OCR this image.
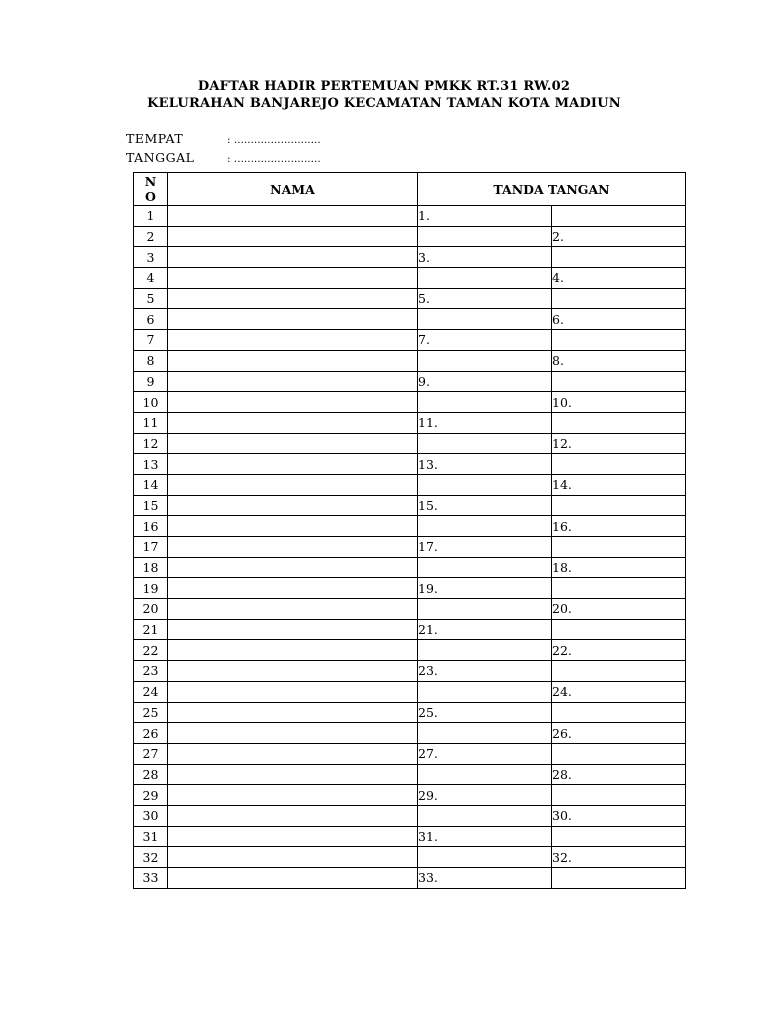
DAFTAR HADIR PERTEMUAN PMKK RT.31 RW.02
KELURAHAN BANJAREJO KECAMATAN TAMAN KOTA MADIUN
TEMPAT	: ..........................
TANGGAL	: ..........................
N
O	NAMA	TANDA TANGAN	
1		1.	
2			2.
3		3.	
4			4.
5		5.	
6			6.
7		7.	
8			8.
9		9.	
10			10.
11		11.	
12			12.
13		13.	
14			14.
15		15.	
16			16.
17		17.	
18			18.
19		19.	
20			20.
21		21.	
22			22.
23		23.	
24			24.
25		25.	
26			26.
27		27.	
28			28.
29		29.	
30			30.
31		31.	
32			32.
33		33.	
